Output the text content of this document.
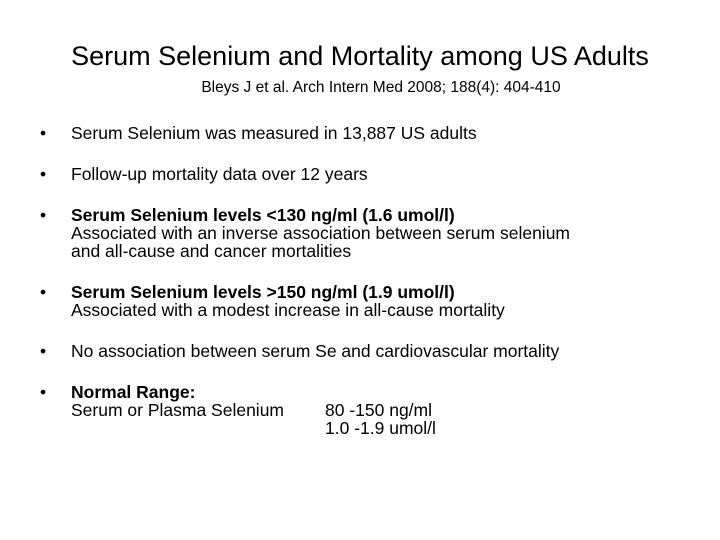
Serum Selenium and Mortality among US Adults
Bleys J et al. Arch Intern Med 2008; 188(4): 404-410
• Serum Selenium was measured in 13,887 US adults
• Follow-up mortality data over 12 years
• Serum Selenium levels <130 ng/ml (1.6 umol/l)
Associated with an inverse association between serum selenium
and all-cause and cancer mortalities
• Serum Selenium levels >150 ng/ml (1.9 umol/l)
Associated with a modest increase in all-cause mortality
• No association between serum Se and cardiovascular mortality
• Normal Range:
Serum or Plasma Selenium 80 -150 ng/ml
1.0 -1.9 umol/l
